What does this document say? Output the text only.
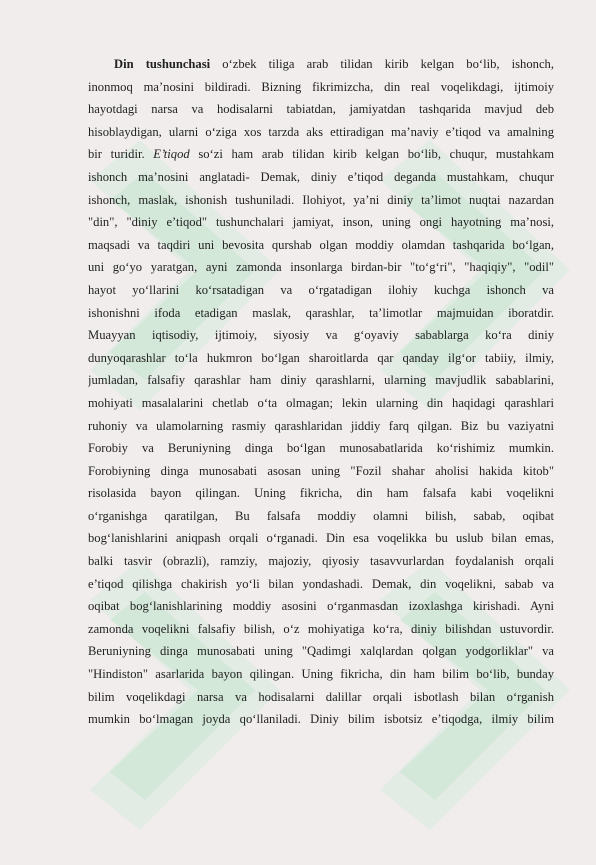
Din tushunchasi o‘zbek tiliga arab tilidan kirib kelgan bo‘lib, ishonch,
inonmoq ma’nosini bildiradi. Bizning fikrimizcha, din real voqelikdagi, ijtimoiy
hayotdagi narsa va hodisalarni tabiatdan, jamiyatdan tashqarida mavjud deb
hisoblaydigan, ularni o‘ziga xos tarzda aks ettiradigan ma’naviy e’tiqod va amalning
bir turidir. E’tiqod so‘zi ham arab tilidan kirib kelgan bo‘lib, chuqur, mustahkam
ishonch ma’nosini anglatadi- Demak, diniy e’tiqod deganda mustahkam, chuqur
ishonch, maslak, ishonish tushuniladi. Ilohiyot, ya’ni diniy ta’limot nuqtai nazardan
"din", "diniy e’tiqod" tushunchalari jamiyat, inson, uning ongi hayotning ma’nosi,
maqsadi va taqdiri uni bevosita qurshab olgan moddiy olamdan tashqarida bo‘lgan,
uni go‘yo yaratgan, ayni zamonda insonlarga birdan-bir "to‘g‘ri", "haqiqiy", "odil"
hayot yo‘llarini ko‘rsatadigan va o‘rgatadigan ilohiy kuchga ishonch va
ishonishni ifoda etadigan maslak, qarashlar, ta’limotlar majmuidan iboratdir.
Muayyan iqtisodiy, ijtimoiy, siyosiy va g‘oyaviy sabablarga ko‘ra diniy
dunyoqarashlar to‘la hukmron bo‘lgan sharoitlarda qar qanday ilg‘or tabiiy, ilmiy,
jumladan, falsafiy qarashlar ham diniy qarashlarni, ularning mavjudlik sabablarini,
mohiyati masalalarini chetlab o‘ta olmagan; lekin ularning din haqidagi qarashlari
ruhoniy va ulamolarning rasmiy qarashlaridan jiddiy farq qilgan. Biz bu vaziyatni
Forobiy va Beruniyning dinga bo‘lgan munosabatlarida ko‘rishimiz mumkin.
Forobiyning dinga munosabati asosan uning "Fozil shahar aholisi hakida kitob"
risolasida bayon qilingan. Uning fikricha, din ham falsafa kabi voqelikni
o‘rganishga qaratilgan, Bu falsafa moddiy olamni bilish, sabab, oqibat
bog‘lanishlarini aniqpash orqali o‘rganadi. Din esa voqelikka bu uslub bilan emas,
balki tasvir (obrazli), ramziy, majoziy, qiyosiy tasavvurlardan foydalanish orqali
e’tiqod qilishga chakirish yo‘li bilan yondashadi. Demak, din voqelikni, sabab va
oqibat bog‘lanishlarining moddiy asosini o‘rganmasdan izoxlashga kirishadi. Ayni
zamonda voqelikni falsafiy bilish, o‘z mohiyatiga ko‘ra, diniy bilishdan ustuvordir.
Beruniyning dinga munosabati uning "Qadimgi xalqlardan qolgan yodgorliklar" va
"Hindiston" asarlarida bayon qilingan. Uning fikricha, din ham bilim bo‘lib, bunday
bilim voqelikdagi narsa va hodisalarni dalillar orqali isbotlash bilan o‘rganish
mumkin bo‘lmagan joyda qo‘llaniladi. Diniy bilim isbotsiz e’tiqodga, ilmiy bilim
